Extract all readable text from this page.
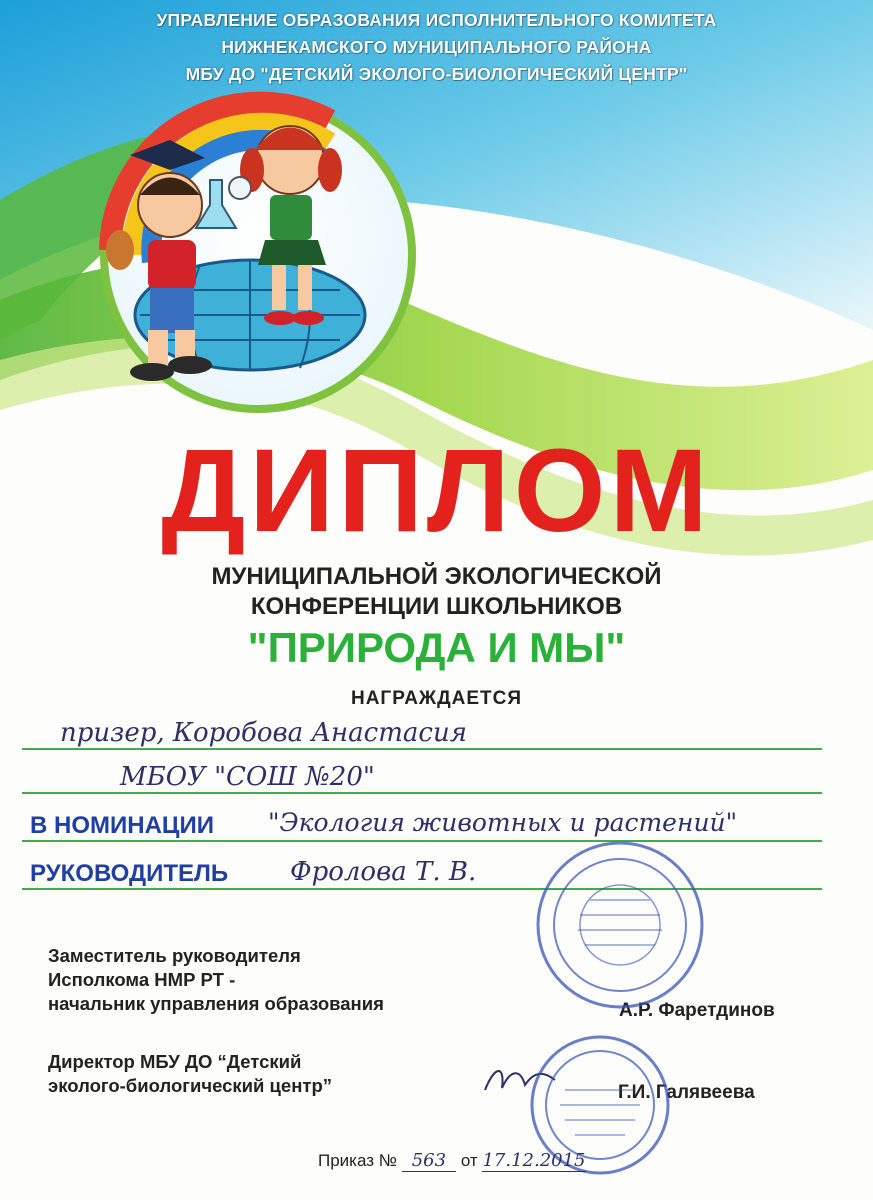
УПРАВЛЕНИЕ ОБРАЗОВАНИЯ ИСПОЛНИТЕЛЬНОГО КОМИТЕТА
НИЖНЕКАМСКОГО МУНИЦИПАЛЬНОГО РАЙОНА
МБУ ДО "ДЕТСКИЙ ЭКОЛОГО-БИОЛОГИЧЕСКИЙ ЦЕНТР"
ДИПЛОМ
МУНИЦИПАЛЬНОЙ ЭКОЛОГИЧЕСКОЙ
КОНФЕРЕНЦИИ ШКОЛЬНИКОВ
"ПРИРОДА И МЫ"
НАГРАЖДАЕТСЯ
призер, Коробова Анастасия
МБОУ "СОШ №20"
В НОМИНАЦИИ "Экология животных и растений"
РУКОВОДИТЕЛЬ Фролова Т. В.
Заместитель руководителя
Исполкома НМР РТ -
начальник управления образования	А.Р. Фаретдинов
Директор МБУ ДО “Детский
эколого-биологический центр”	Г.И. Галявеева
Приказ № 563 от 17.12.2015
